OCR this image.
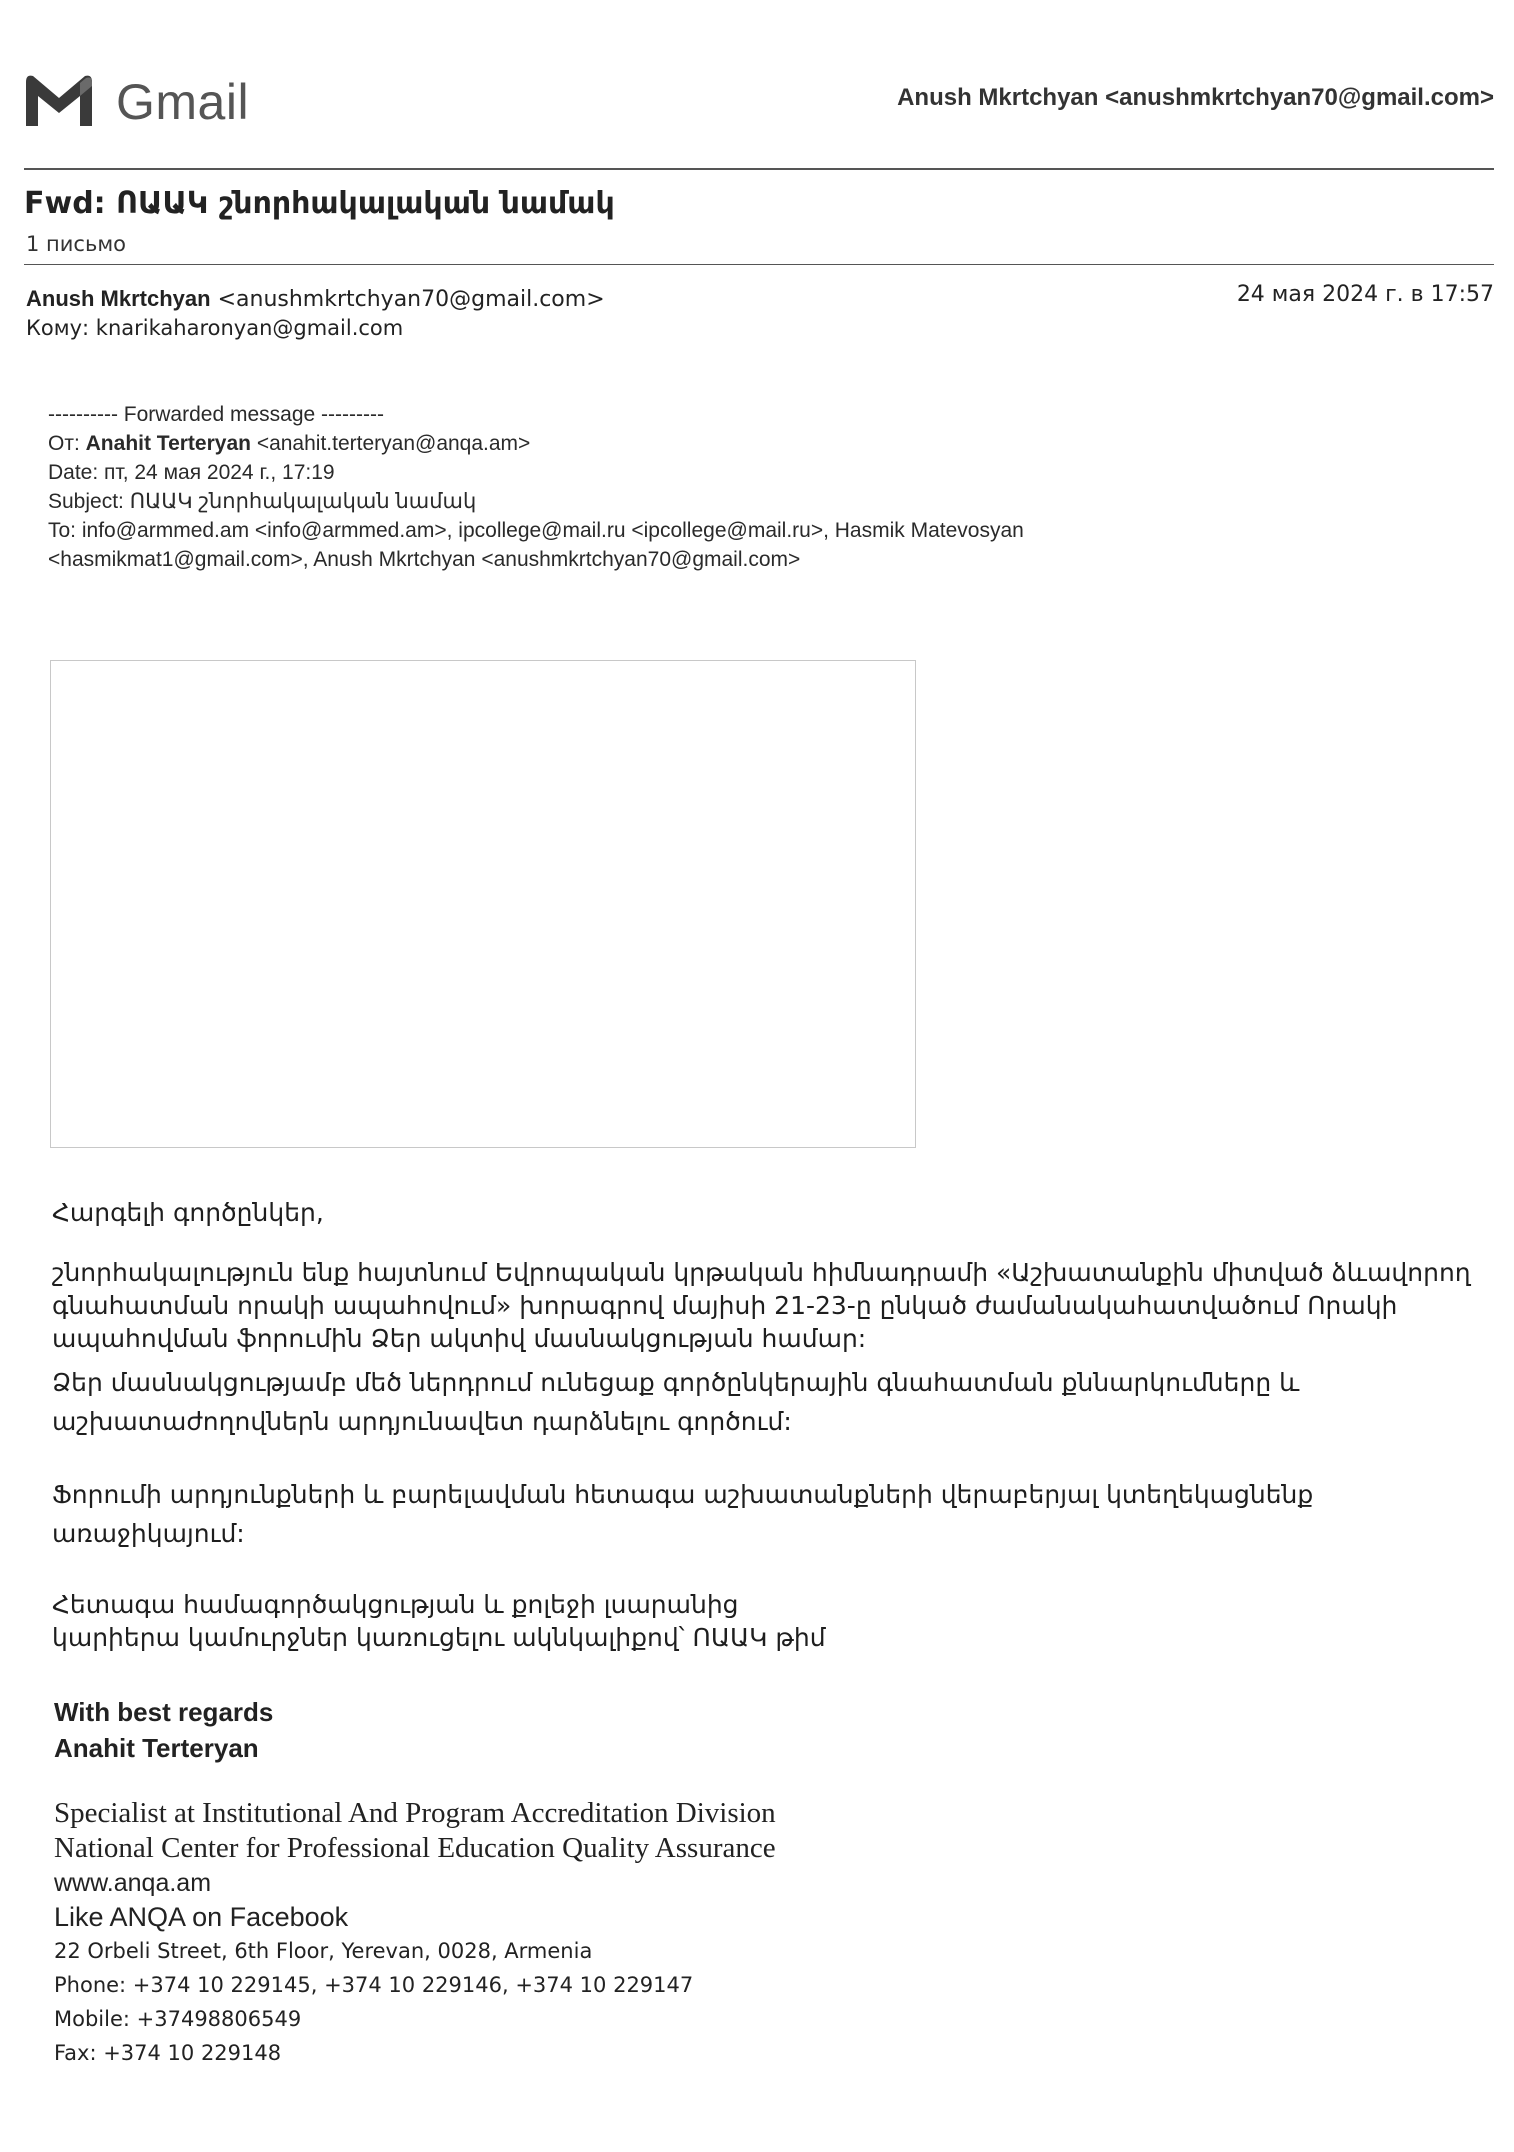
Gmail	Anush Mkrtchyan <anushmkrtchyan70@gmail.com>
Fwd: ՈԱԱԿ շնորհակալական նամակ
1 письмо
Anush Mkrtchyan <anushmkrtchyan70@gmail.com>
Кому: knarikaharonyan@gmail.com
24 мая 2024 г. в 17:57
---------- Forwarded message ---------
От: Anahit Terteryan <anahit.terteryan@anqa.am>
Date: пт, 24 мая 2024 г., 17:19
Subject: ՈԱԱԿ շնորհակալական նամակ
To: info@armmed.am <info@armmed.am>, ipcollege@mail.ru <ipcollege@mail.ru>, Hasmik Matevosyan
<hasmikmat1@gmail.com>, Anush Mkrtchyan <anushmkrtchyan70@gmail.com>

Հարգելի գործընկեր,

շնորհակալություն ենք հայտնում Եվրոպական կրթական հիմնադրամի «Աշխատանքին միտված ձևավորող

գնահատման որակի ապահովում» խորագրով մայիսի 21-23-ը ընկած ժամանակահատվածում Որակի

ապահովման ֆորումին Ձեր ակտիվ մասնակցության համար:

Ձեր մասնակցությամբ մեծ ներդրում ունեցաք գործընկերային գնահատման քննարկումները և

աշխատաժողովներն արդյունավետ դարձնելու գործում:

Ֆորումի արդյունքների և բարելավման հետագա աշխատանքների վերաբերյալ կտեղեկացնենք

առաջիկայում:

Հետագա համագործակցության և քոլեջի լսարանից

կարիերա կամուրջներ կառուցելու ակնկալիքով՝ ՈԱԱԿ թիմ

With best regards
Anahit Terteryan
Specialist at Institutional And Program Accreditation Division
National Center for Professional Education Quality Assurance
www.anqa.am
Like ANQA on Facebook
22 Orbeli Street, 6th Floor, Yerevan, 0028, Armenia
Phone: +374 10 229145, +374 10 229146, +374 10 229147
Mobile: +37498806549
Fax: +374 10 229148
